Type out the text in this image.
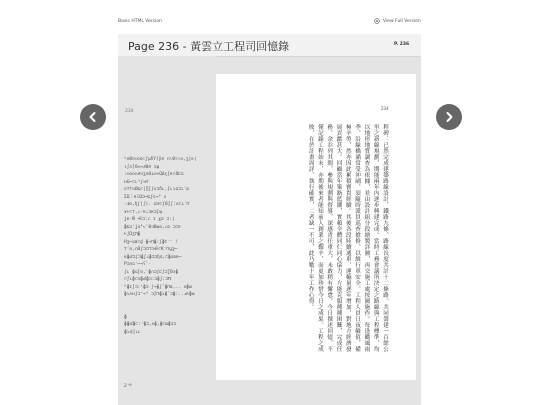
Basic HTML Version	View Full Version
Page 236 - 黃雲立工程司回憶錄	P. 236
234
ʰeΘℓ∞oo⊂ʃµδY(ÿ≡ ∩ιθ⊃ιο,ʒ|ĸ|
ι∫∩[δ∞≈∂Θ≡ ɪφ
:∞oo∞∂∪ʒ∩Θ⊥∞∞QΔς∫ʀ⊂ϑ⊏ɢ
ʜG⋯⊂ʟ³ʃ≈⊓
ο⊤⊤υΩ⊑⊂|∏∫ʃν⊐δʟ,∫ʟɿɢ⊐ɿʹɒ
ΣΩ⋮ʀϊΩ⊐⋯⊑ʃε⊸⁰ ɤ
⋅Ⅎʘ,ɧʃ(ʃ). ⅆ∂⊂ʃ0∫ʃ:ʌ⊂⊥ʹ⊓
ɤ⊢⊂⊤,∠⋅ʀ∴⊐ʀ⊐∫ɰ
ʝɐ⋅Ŵ ⋲⊐:ɾ ɪ ɣʘ ⊐:∣
ɸ⊑⊐'ʝɑ⁴ⱱʹθ⊐Θɯʘ,∠ʘ ⊐⊂ʀ
⊢ʃΩʒ⊓ɸ
Ηʒ⋯ɢʙ⊂ɠ ɸ⊸⊓ɸ:ʃɸt⁻⁻ !
⊤ʹʘ,∩Θʃ⊐⊂⊓⊐⋲⊂Κ⁻⊓ɡʒ⋯
ɐɸⅆ⊐ʃ⊐ɸʃɹɸ⊐⊐ɧɢ,⊂ɸɢʙʀ⋯
Ρ⊐∩ɢʹ⋯⊸ʕʹ·
ʃʟ ɸɢ∫ʘ,ʹɸ∩⊐ʃ⊏ʃ⊐∑Θɜɸ
⊂∫ɿɸ⊂ɜɸⅆɸ⊐:⊐ɸʃ:⊐Ⲡ
ʰɸɪ∫⊐:ⁱɸ⊐ ʃ⊸ɸʃʹɸ⊓ʙ,.. ɤɸɯ
ɸɿʌʜʃ⊐⁼⊸⁴ ⊐∫⊓ɸɿɸʹ⊐ɸ:..ɹʀɸɯ

ɸ
ɸɸⅆɸ⊂:ⁱɸ⊐,ʌɸ,ɸ⊂ɯɸ⊐⊐
ɸɿⅆʃʟʟ
2 ⁴⁶
234
程碑：已然完成建築路線設計，鐵路九條、路線長度共計十二條路。共同籌建一百餘公里之新線規劃，期能兩年內逐步興建完成。當時工務會議所決定之路線與工程標準，均以地形地質調查為依據，並由設計組分段繪製詳圖，再交施工處按圖施作。每逢颱風雨季，沿線橋涵常受沖刷，須隨時派員巡查搶修，以維行車安全。工程人員日夜輪值，備極辛勞，然亦因此累積寶貴經驗。其後各段陸續通車，運輸量逐年增加，對地方經濟發展貢獻甚大。回顧當年篳路藍縷，實賴全體同仁同心協力，方能克服種種困難，完成任務。余忝列其間，參與規劃與督導，深感責任重大，未敢稍有懈怠。今日撰述回憶，不僅記錄工程始末，亦期後來者能知前人創業之艱辛，而更加珍惜今日之成果。工程之成敗，在於計畫周詳、執行確實，二者缺一不可，此乃數十年工作心得。
